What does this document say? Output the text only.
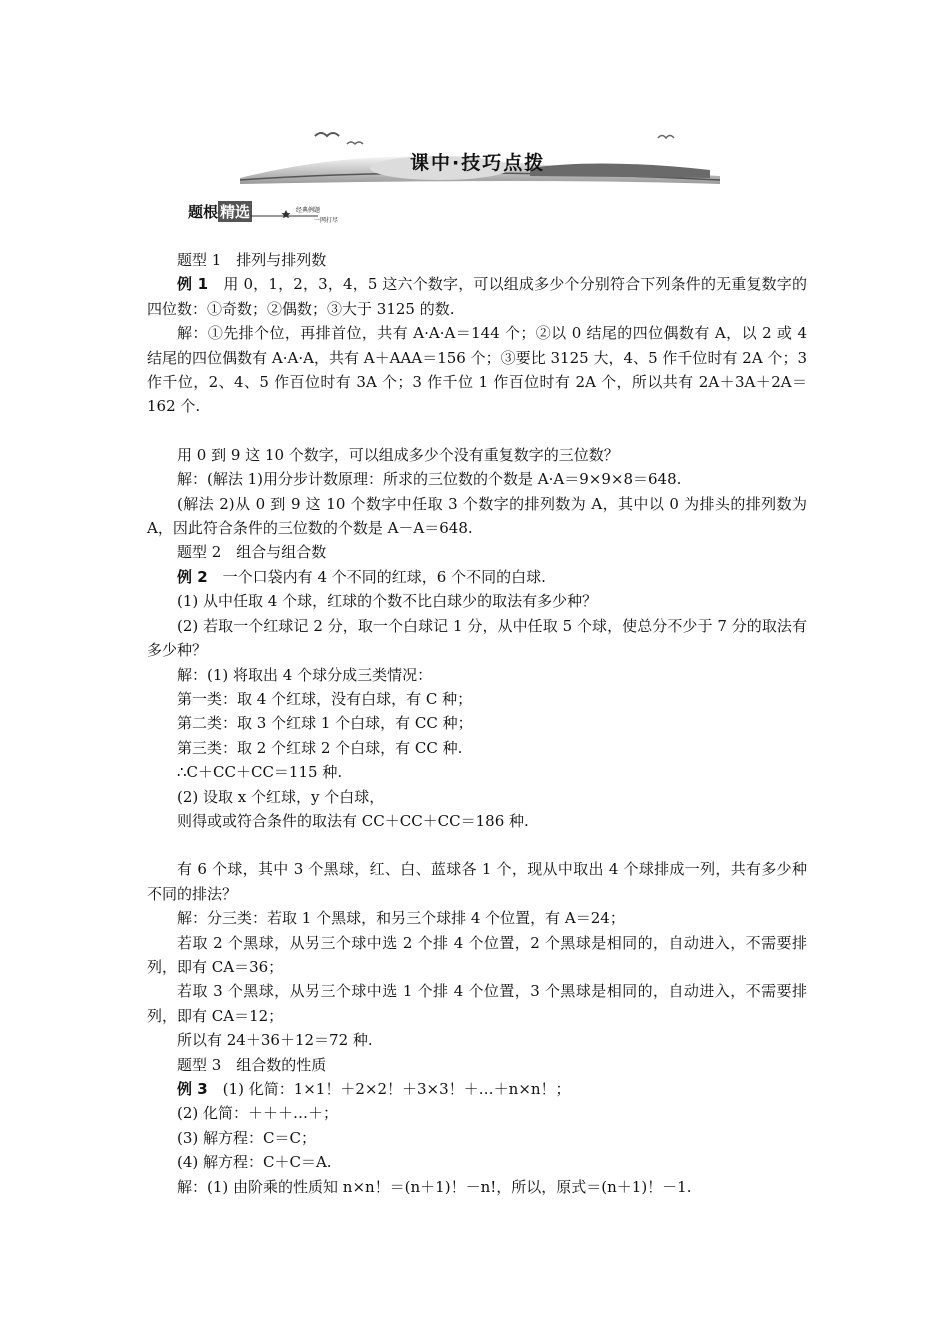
课中·技巧点拨
题根 精选	经典例题
一网打尽

题型 1　排列与排列数

例 1　用 0，1，2，3，4，5 这六个数字，可以组成多少个分别符合下列条件的无重复数字的四位数：①奇数；②偶数；③大于 3125 的数.

解：①先排个位，再排首位，共有 A·A·A＝144 个；②以 0 结尾的四位偶数有 A，以 2 或 4 结尾的四位偶数有 A·A·A，共有 A＋AAA＝156 个；③要比 3125 大，4、5 作千位时有 2A 个；3 作千位，2、4、5 作百位时有 3A 个；3 作千位 1 作百位时有 2A 个，所以共有 2A＋3A＋2A＝162 个.

用 0 到 9 这 10 个数字，可以组成多少个没有重复数字的三位数？

解：(解法 1)用分步计数原理：所求的三位数的个数是 A·A＝9×9×8＝648.

(解法 2)从 0 到 9 这 10 个数字中任取 3 个数字的排列数为 A，其中以 0 为排头的排列数为 A，因此符合条件的三位数的个数是 A－A＝648.

题型 2　组合与组合数

例 2　一个口袋内有 4 个不同的红球，6 个不同的白球.

(1) 从中任取 4 个球，红球的个数不比白球少的取法有多少种？

(2) 若取一个红球记 2 分，取一个白球记 1 分，从中任取 5 个球，使总分不少于 7 分的取法有多少种？

解：(1) 将取出 4 个球分成三类情况：

第一类：取 4 个红球，没有白球，有 C 种；

第二类：取 3 个红球 1 个白球，有 CC 种；

第三类：取 2 个红球 2 个白球，有 CC 种.

∴C＋CC＋CC＝115 种.

(2) 设取 x 个红球，y 个白球，

则得或或符合条件的取法有 CC＋CC＋CC＝186 种.

有 6 个球，其中 3 个黑球，红、白、蓝球各 1 个，现从中取出 4 个球排成一列，共有多少种不同的排法？

解：分三类：若取 1 个黑球，和另三个球排 4 个位置，有 A＝24；

若取 2 个黑球，从另三个球中选 2 个排 4 个位置，2 个黑球是相同的，自动进入，不需要排列，即有 CA＝36；

若取 3 个黑球，从另三个球中选 1 个排 4 个位置，3 个黑球是相同的，自动进入，不需要排列，即有 CA＝12；

所以有 24＋36＋12＝72 种.

题型 3　组合数的性质

例 3　(1) 化简：1×1！＋2×2！＋3×3！＋…＋n×n！；

(2) 化简：＋＋＋…＋；

(3) 解方程：C＝C；

(4) 解方程：C＋C＝A.

解：(1) 由阶乘的性质知 n×n！＝(n＋1)！－n!，所以，原式＝(n＋1)！－1.
